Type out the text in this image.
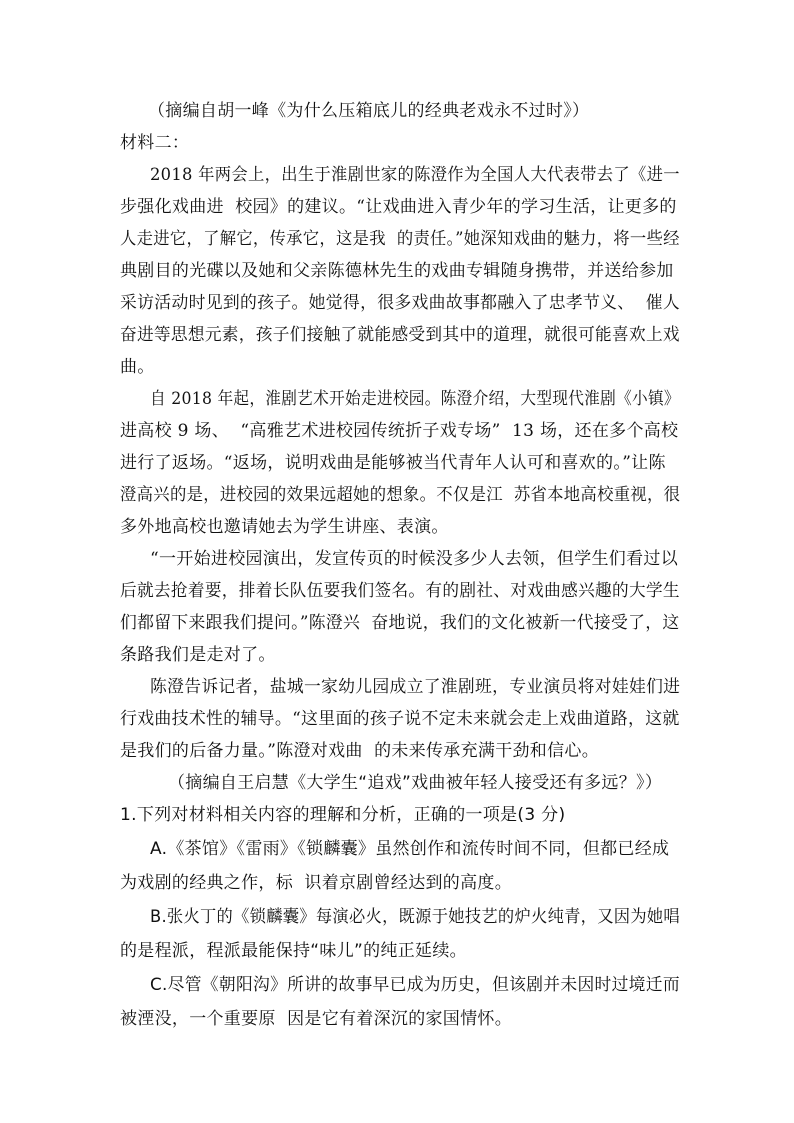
（摘编自胡一峰《为什么压箱底儿的经典老戏永不过时》）
材料二：
2018 年两会上，出生于淮剧世家的陈澄作为全国人大代表带去了《进一
步强化戏曲进  校园》的建议。“让戏曲进入青少年的学习生活，让更多的
人走进它，了解它，传承它，这是我  的责任。”她深知戏曲的魅力，将一些经
典剧目的光碟以及她和父亲陈德林先生的戏曲专辑随身携带，并送给参加
采访活动时见到的孩子。她觉得，很多戏曲故事都融入了忠孝节义、  催人
奋进等思想元素，孩子们接触了就能感受到其中的道理，就很可能喜欢上戏
曲。
自 2018 年起，淮剧艺术开始走进校园。陈澄介绍，大型现代淮剧《小镇》
进高校 9 场、  “高雅艺术进校园传统折子戏专场”  13 场，还在多个高校
进行了返场。“返场，说明戏曲是能够被当代青年人认可和喜欢的。”让陈
澄高兴的是，进校园的效果远超她的想象。不仅是江  苏省本地高校重视，很
多外地高校也邀请她去为学生讲座、表演。
“一开始进校园演出，发宣传页的时候没多少人去领，但学生们看过以
后就去抢着要，排着长队伍要我们签名。有的剧社、对戏曲感兴趣的大学生
们都留下来跟我们提问。”陈澄兴  奋地说，我们的文化被新一代接受了，这
条路我们是走对了。
陈澄告诉记者，盐城一家幼儿园成立了淮剧班，专业演员将对娃娃们进
行戏曲技术性的辅导。“这里面的孩子说不定未来就会走上戏曲道路，这就
是我们的后备力量。”陈澄对戏曲  的未来传承充满干劲和信心。
（摘编自王启慧《大学生“追戏”戏曲被年轻人接受还有多远？》）
1.下列对材料相关内容的理解和分析，正确的一项是(3 分)
A.《茶馆》《雷雨》《锁麟囊》虽然创作和流传时间不同，但都已经成
为戏剧的经典之作，标  识着京剧曾经达到的高度。
B.张火丁的《锁麟囊》每演必火，既源于她技艺的炉火纯青，又因为她唱
的是程派，程派最能保持“味儿”的纯正延续。
C.尽管《朝阳沟》所讲的故事早已成为历史，但该剧并未因时过境迁而
被湮没，一个重要原  因是它有着深沉的家国情怀。
